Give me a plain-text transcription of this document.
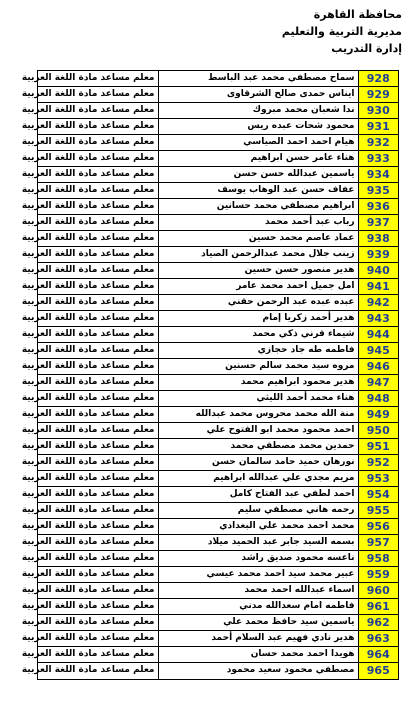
محافظة القاهرة
مديرية التربية والتعليم
إدارة التدريب
معلم مساعد مادة اللغة العربية	سماح مصطفي محمد عبد الباسط	928
معلم مساعد مادة اللغة العربية	ايناس حمدى صالح الشرقاوى	929
معلم مساعد مادة اللغة العربية	ندا شعبان محمد مبروك	930
معلم مساعد مادة اللغة العربية	محمود شحات عبده ريس	931
معلم مساعد مادة اللغة العربية	هيام احمد احمد الصياسي	932
معلم مساعد مادة اللغة العربية	هناء عامر حسن ابراهيم	933
معلم مساعد مادة اللغة العربية	ياسمين عبدالله حسن حسن	934
معلم مساعد مادة اللغة العربية	عفاف حسن عبد الوهاب يوسف	935
معلم مساعد مادة اللغة العربية	ابراهيم مصطفي محمد حسانين	936
معلم مساعد مادة اللغة العربية	رباب عبد أحمد محمد	937
معلم مساعد مادة اللغة العربية	عماد عاصم محمد حسين	938
معلم مساعد مادة اللغة العربية	زينب جلال محمد عبدالرحمن الصياد	939
معلم مساعد مادة اللغة العربية	هدير منصور حسن حسين	940
معلم مساعد مادة اللغة العربية	امل جميل احمد محمد عامر	941
معلم مساعد مادة اللغة العربية	عبده عبده عبد الرحمن حقني	942
معلم مساعد مادة اللغة العربية	هدير أحمد زكريا إمام	943
معلم مساعد مادة اللغة العربية	شيماء قرني ذكي محمد	944
معلم مساعد مادة اللغة العربية	فاطمه طه جاد حجازي	945
معلم مساعد مادة اللغة العربية	مروه سيد محمد سالم حسنين	946
معلم مساعد مادة اللغة العربية	هدير محمود ابراهيم محمد	947
معلم مساعد مادة اللغة العربية	هناء محمد أحمد الليثي	948
معلم مساعد مادة اللغة العربية	منة الله محمد محروس محمد عبدالله	949
معلم مساعد مادة اللغة العربية	احمد محمود محمد ابو الفتوح علي	950
معلم مساعد مادة اللغة العربية	حمدين محمد مصطفي محمد	951
معلم مساعد مادة اللغة العربية	نورهان حميد حامد سالمان حسن	952
معلم مساعد مادة اللغة العربية	مريم مجدي علي عبدالله ابراهيم	953
معلم مساعد مادة اللغة العربية	احمد لطفي عبد الفتاح كامل	954
معلم مساعد مادة اللغة العربية	رحمه هاني مصطفي سليم	955
معلم مساعد مادة اللغة العربية	محمد احمد محمد علي البغدادي	956
معلم مساعد مادة اللغة العربية	بسمه السيد جابر عبد الحميد ميلاد	957
معلم مساعد مادة اللغة العربية	ناعسه محمود صديق راشد	958
معلم مساعد مادة اللغة العربية	عبير محمد سيد احمد محمد عيسي	959
معلم مساعد مادة اللغة العربية	اسماء عبدالله احمد محمد	960
معلم مساعد مادة اللغة العربية	فاطمه امام سعدالله مدني	961
معلم مساعد مادة اللغة العربية	ياسمين سيد حافظ محمد علي	962
معلم مساعد مادة اللغة العربية	هدير نادي فهيم عبد السلام أحمد	963
معلم مساعد مادة اللغة العربية	هويدا احمد محمد حسان	964
معلم مساعد مادة اللغة العربية	مصطفي محمود سعيد محمود	965
